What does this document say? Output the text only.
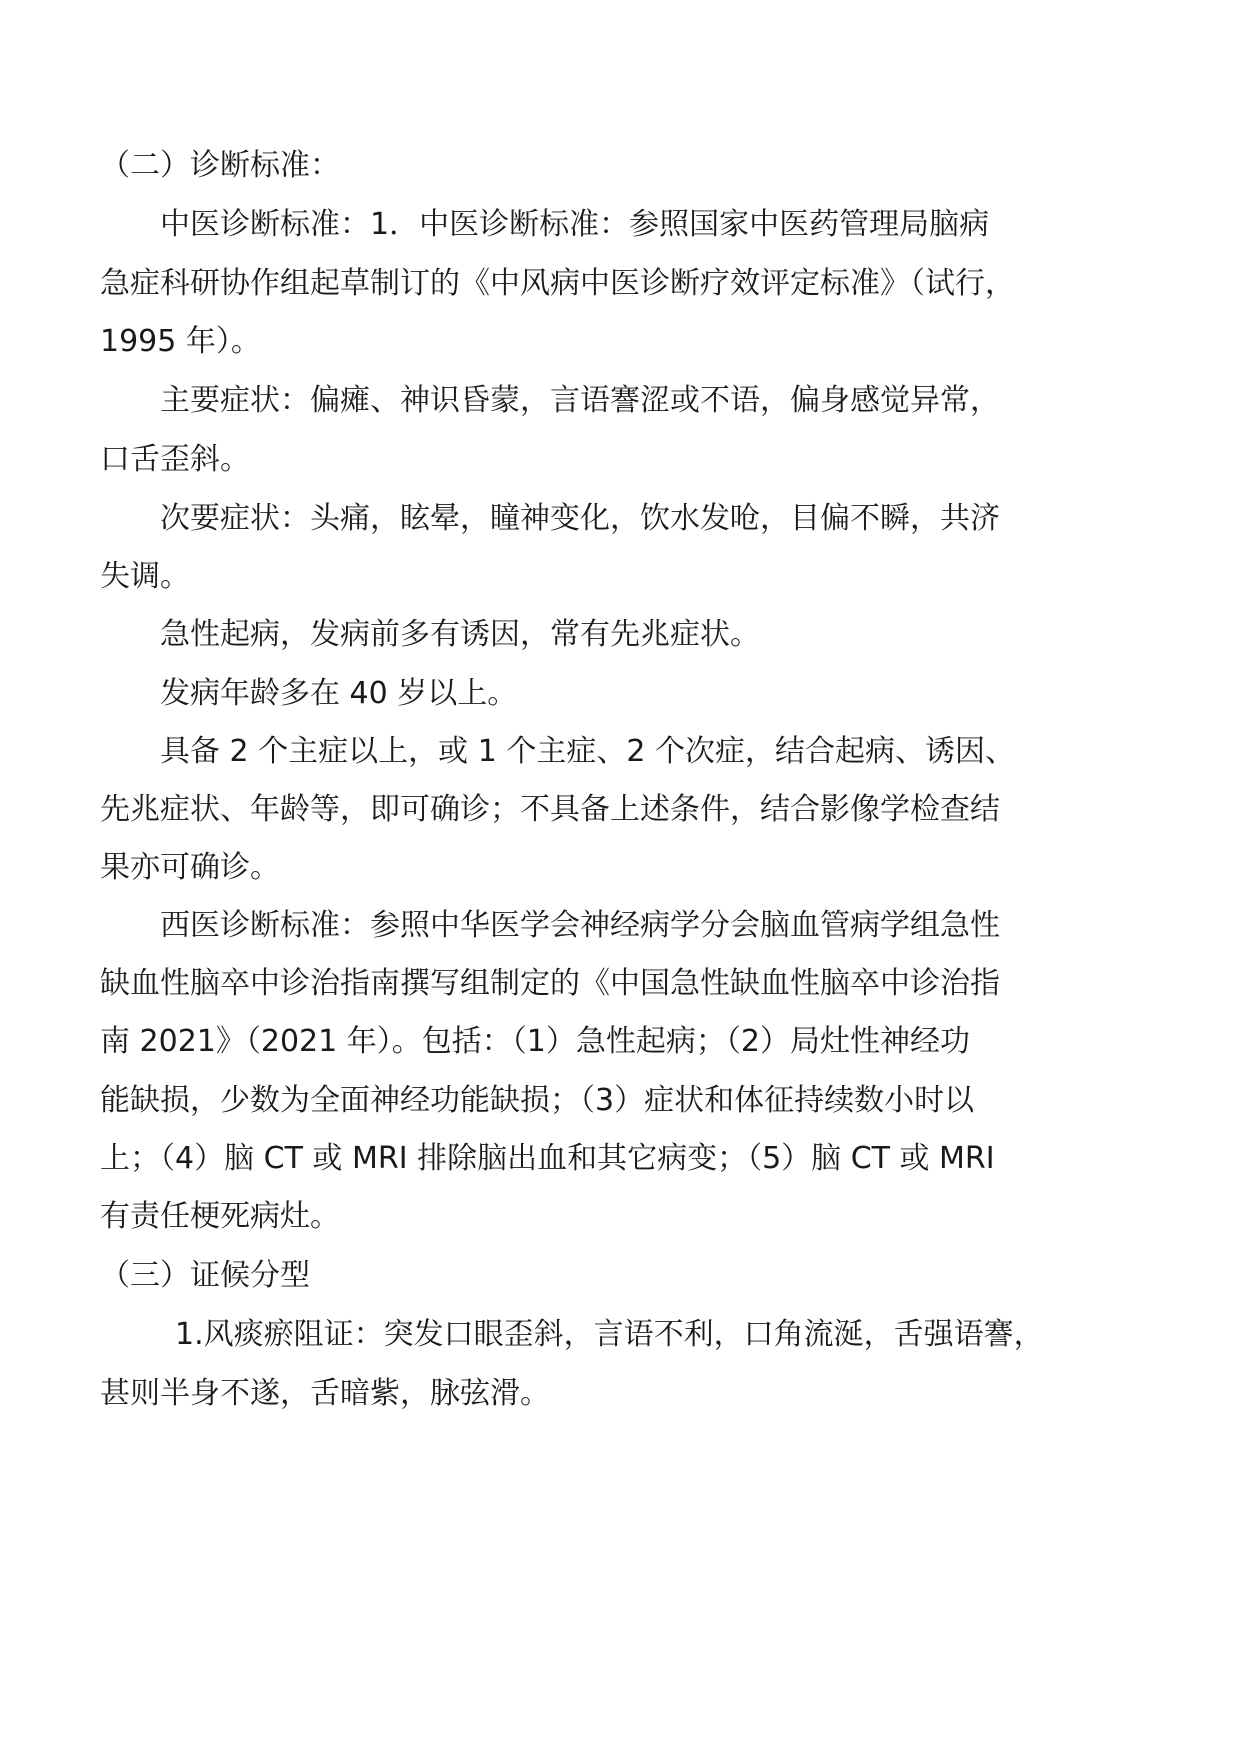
（二）诊断标准：
中医诊断标准：1．中医诊断标准：参照国家中医药管理局脑病
急症科研协作组起草制订的《中风病中医诊断疗效评定标准》（试行，
1995 年）。
主要症状：偏瘫、神识昏蒙，言语謇涩或不语，偏身感觉异常，
口舌歪斜。
次要症状：头痛，眩晕，瞳神变化，饮水发呛，目偏不瞬，共济
失调。
急性起病，发病前多有诱因，常有先兆症状。
发病年龄多在 40 岁以上。
具备 2 个主症以上，或 1 个主症、2 个次症，结合起病、诱因、
先兆症状、年龄等，即可确诊；不具备上述条件，结合影像学检查结
果亦可确诊。
西医诊断标准：参照中华医学会神经病学分会脑血管病学组急性
缺血性脑卒中诊治指南撰写组制定的《中国急性缺血性脑卒中诊治指
南 2021》（2021 年）。包括：（1）急性起病；（2）局灶性神经功
能缺损，少数为全面神经功能缺损；（3）症状和体征持续数小时以
上；（4）脑 CT 或 MRI 排除脑出血和其它病变；（5）脑 CT 或 MRI
有责任梗死病灶。
（三）证候分型
1.风痰瘀阻证：突发口眼歪斜，言语不利，口角流涎，舌强语謇，
甚则半身不遂，舌暗紫，脉弦滑。
